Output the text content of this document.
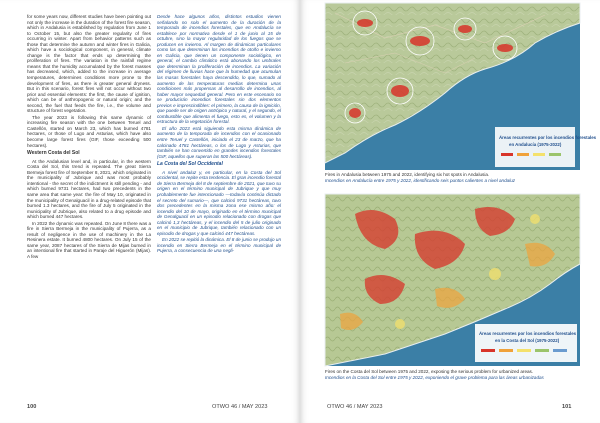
for some years now, different studies have been pointing out not only the increase in the duration of the forest fire season, which in Andalusia is established by regulation from June 1 to October 15, but also the greater regularity of fires occurring in winter. Apart from behavior patterns such as those that determine the autumn and winter fires in Galicia, which have a sociological component, in general, climate change is the factor that ends up determining the proliferation of fires. The variation in the rainfall regime means that the humidity accumulated by the forest masses has decreased, which, added to the increase in average temperatures, determines conditions more prone to the development of fires, as there is greater general dryness. But in this scenario, forest fires will not occur without two prior and essential elements: the first, the cause of ignition, which can be of anthropogenic or natural origin; and the second, the fuel that feeds the fire, i.e., the volume and structure of forest vegetation.

The year 2023 is following this same dynamic of increasing fire season with the one between Teruel and Castellón, started on March 23, which has burned 4781 hectares, or those of Lugo and Asturias, which have also become large forest fires (GIF, those exceeding 500 hectares).

Western Costa del Sol

At the Andalusian level and, in particular, in the western Costa del Sol, this trend is repeated. The great Sierra Bermeja forest fire of September 8, 2021, which originated in the municipality of Jubrique and was most probably intentional - the secret of the indictment is still pending - and which burned 9731 hectares, had two precedents in the same area that same year: the fire of May 10, originated in the municipality of Genalguacil in a drug-related episode that burned 1.3 hectares, and the fire of July 5 originated in the municipality of Jubrique, also related to a drug episode and which burned 447 hectares.

In 2022 the dynamic was repeated. On June 8 there was a fire in Sierra Bermeja in the municipality of Pujerra, as a result of negligence in the use of machinery in the La Resinera estate. It burned 4800 hectares. On July 15 of the same year, 2087 hectares of the Sierra de Mijas burned in an intentional fire that started in Paraje del Higuerón (Mijas). A few

Desde hace algunos años, distintos estudios vienen señalando no solo el aumento de la duración de la temporada de incendios forestales, que en Andalucía se establece por normativa desde el 1 de junio al 15 de octubre, sino la mayor regularidad de los fuegos que se producen en invierno. Al margen de dinámicas particulares como las que determinan los incendios de otoño e invierno en Galicia, que tienen un componente sociológico, en general, el cambio climático está abonando los umbrales que determinan la proliferación de incendios. La variación del régimen de lluvias hace que la humedad que acumulan las masas forestales haya descendido, lo que, sumado al aumento de las temperaturas medias determina unas condiciones más propensas al desarrollo de incendios, al haber mayor sequedad general. Pero en este escenario no se producirán incendios forestales sin dos elementos previos e imprescindibles: el primero, la causa de la ignición, que puede ser de origen antrópico y natural, y el segundo, el combustible que alimenta el fuego, esto es, el volumen y la estructura de la vegetación forestal.

El año 2023 está siguiendo esta misma dinámica de aumento de la temporada de incendios con el ocasionado entre Teruel y Castellón, iniciado el 23 de marzo, que ha calcinado 4781 hectáreas, o los de Lugo y Asturias, que también se han convertido en grandes incendios forestales (GIF, aquellos que superan las 500 hectáreas).

La Costa del Sol Occidental

A nivel andaluz y, en particular, en la Costa del Sol occidental, se repite esta tendencia. El gran incendio forestal de Sierra Bermeja del 8 de septiembre de 2021, que tuvo su origen en el término municipal de Jubrique y que muy probablemente fue intencionado —todavía continúa dictado el secreto del sumario—, que calcinó 9731 hectáreas, tuvo dos precedentes en la misma zona ese mismo año: el incendio del 10 de mayo, originado en el término municipal de Genalguacil en un episodio relacionado con drogas que calcinó 1,3 hectáreas, y el incendio del 5 de julio originado en el municipio de Jubrique, también relacionado con un episodio de drogas y que calcinó 447 hectáreas.

En 2022 se repitió la dinámica. El 8 de junio se produjo un incendio en Sierra Bermeja en el término municipal de Pujerra, a consecuencia de una negli-

100	OTWO 46 / MAY 2023
Áreas recurrentes por los incendios forestales
en Andalucía (1975-2022)
Fires in Andalusia between 1975 and 2022, identifying six hot spots in Andalusia.
Incendios en Andalucía entre 1975 y 2022, identificando seis puntos calientes a nivel andaluz
Áreas recurrentes por los incendios forestales
en la Costa del Sol (1975-2022)
Fires on the Costa del Sol between 1975 and 2022, exposing the serious problem for urbanized areas.
Incendios en la Costa del Sol entre 1975 y 2022, exponiendo el grave problema para las áreas urbanizadas
OTWO 46 / MAY 2023	101
